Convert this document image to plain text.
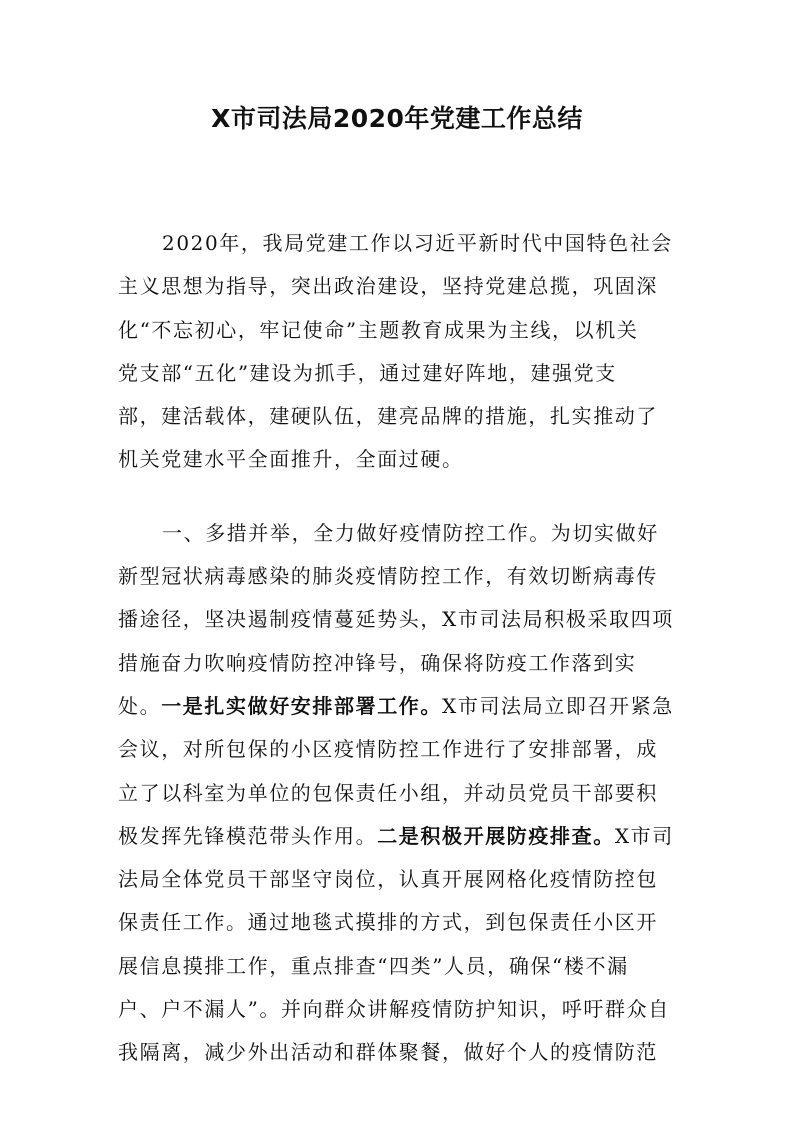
X市司法局2020年党建工作总结
2020年，我局党建工作以习近平新时代中国特色社会
主义思想为指导，突出政治建设，坚持党建总揽，巩固深
化“不忘初心，牢记使命”主题教育成果为主线，以机关
党支部“五化”建设为抓手，通过建好阵地，建强党支
部，建活载体，建硬队伍，建亮品牌的措施，扎实推动了
机关党建水平全面推升，全面过硬。
一、多措并举，全力做好疫情防控工作。为切实做好
新型冠状病毒感染的肺炎疫情防控工作，有效切断病毒传
播途径，坚决遏制疫情蔓延势头，X市司法局积极采取四项
措施奋力吹响疫情防控冲锋号，确保将防疫工作落到实
处。一是扎实做好安排部署工作。X市司法局立即召开紧急
会议，对所包保的小区疫情防控工作进行了安排部署，成
立了以科室为单位的包保责任小组，并动员党员干部要积
极发挥先锋模范带头作用。二是积极开展防疫排查。X市司
法局全体党员干部坚守岗位，认真开展网格化疫情防控包
保责任工作。通过地毯式摸排的方式，到包保责任小区开
展信息摸排工作，重点排查“四类”人员，确保“楼不漏
户、户不漏人”。并向群众讲解疫情防护知识，呼吁群众自
我隔离，减少外出活动和群体聚餐，做好个人的疫情防范
